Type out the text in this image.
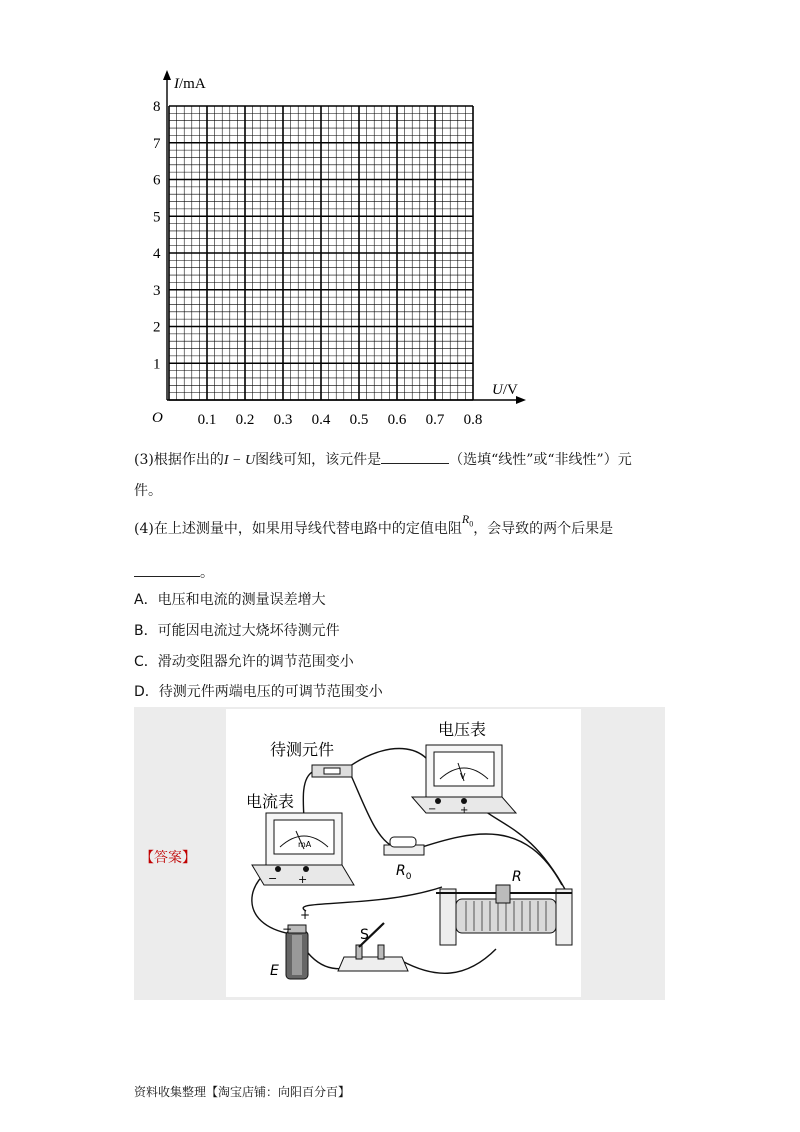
I/mA
U/V
O
1
2
3
4
5
6
7
8
0.1 0.2 0.3 0.4 0.5 0.6 0.7 0.8
(3)根据作出的I − U图线可知，该元件是	（选填“线性”或“非线性”）元
件。
(4)在上述测量中，如果用导线代替电路中的定值电阻$R_0$，会导致的两个后果是
。
A．电压和电流的测量误差增大
B．可能因电流过大烧坏待测元件
C．滑动变阻器允许的调节范围变小
D．待测元件两端电压的可调节范围变小
【答案】
待测元件
− +
V
电压表
− +
mA
电流表
$R_0$	R
S
+
−
E
资料收集整理【淘宝店铺：向阳百分百】
